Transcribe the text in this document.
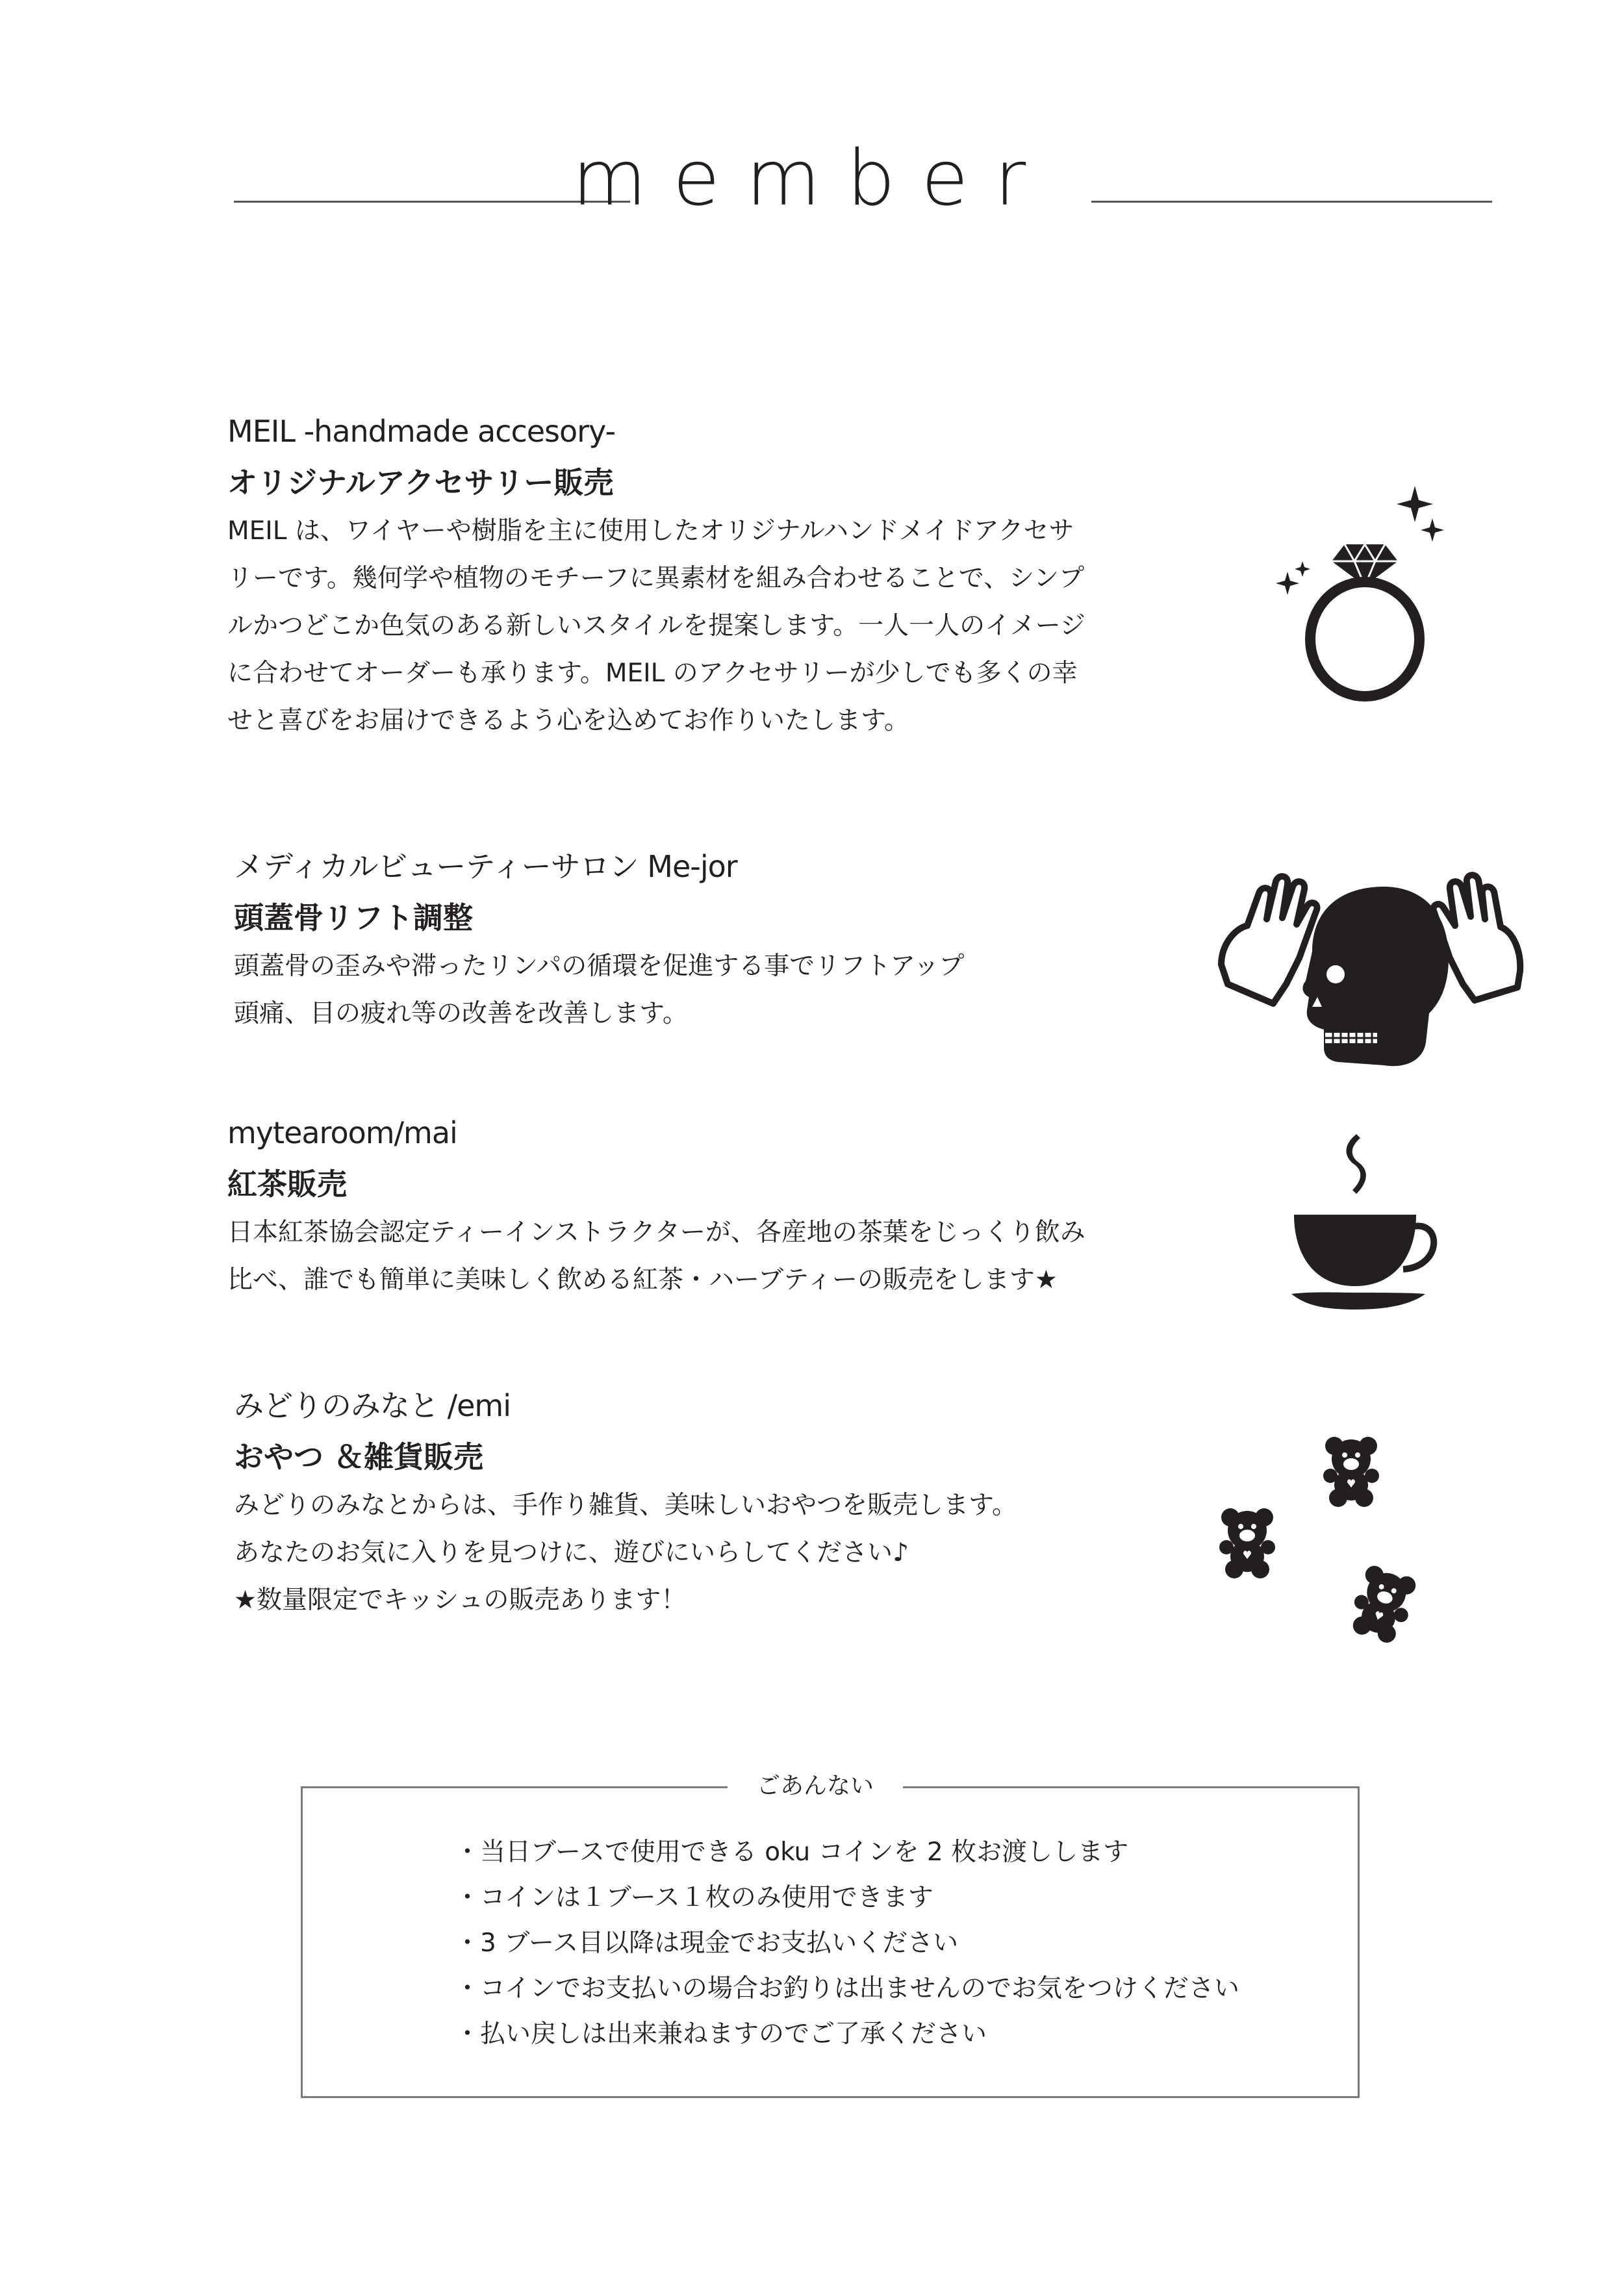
member
MEIL -handmade accesory-
オリジナルアクセサリー販売
MEIL は、ワイヤーや樹脂を主に使用したオリジナルハンドメイドアクセサ
リーです。幾何学や植物のモチーフに異素材を組み合わせることで、シンプ
ルかつどこか色気のある新しいスタイルを提案します。一人一人のイメージ
に合わせてオーダーも承ります。MEIL のアクセサリーが少しでも多くの幸
せと喜びをお届けできるよう心を込めてお作りいたします。
メディカルビューティーサロン Me-jor
頭蓋骨リフト調整
頭蓋骨の歪みや滞ったリンパの循環を促進する事でリフトアップ
頭痛、目の疲れ等の改善を改善します。
mytearoom/mai
紅茶販売
日本紅茶協会認定ティーインストラクターが、各産地の茶葉をじっくり飲み
比べ、誰でも簡単に美味しく飲める紅茶・ハーブティーの販売をします★
みどりのみなと /emi
おやつ ＆雑貨販売
みどりのみなとからは、手作り雑貨、美味しいおやつを販売します。
あなたのお気に入りを見つけに、遊びにいらしてください♪
★数量限定でキッシュの販売あります！
ごあんない
・当日ブースで使用できる oku コインを 2 枚お渡しします
・コインは１ブース１枚のみ使用できます
・3 ブース目以降は現金でお支払いください
・コインでお支払いの場合お釣りは出ませんのでお気をつけください
・払い戻しは出来兼ねますのでご了承ください
